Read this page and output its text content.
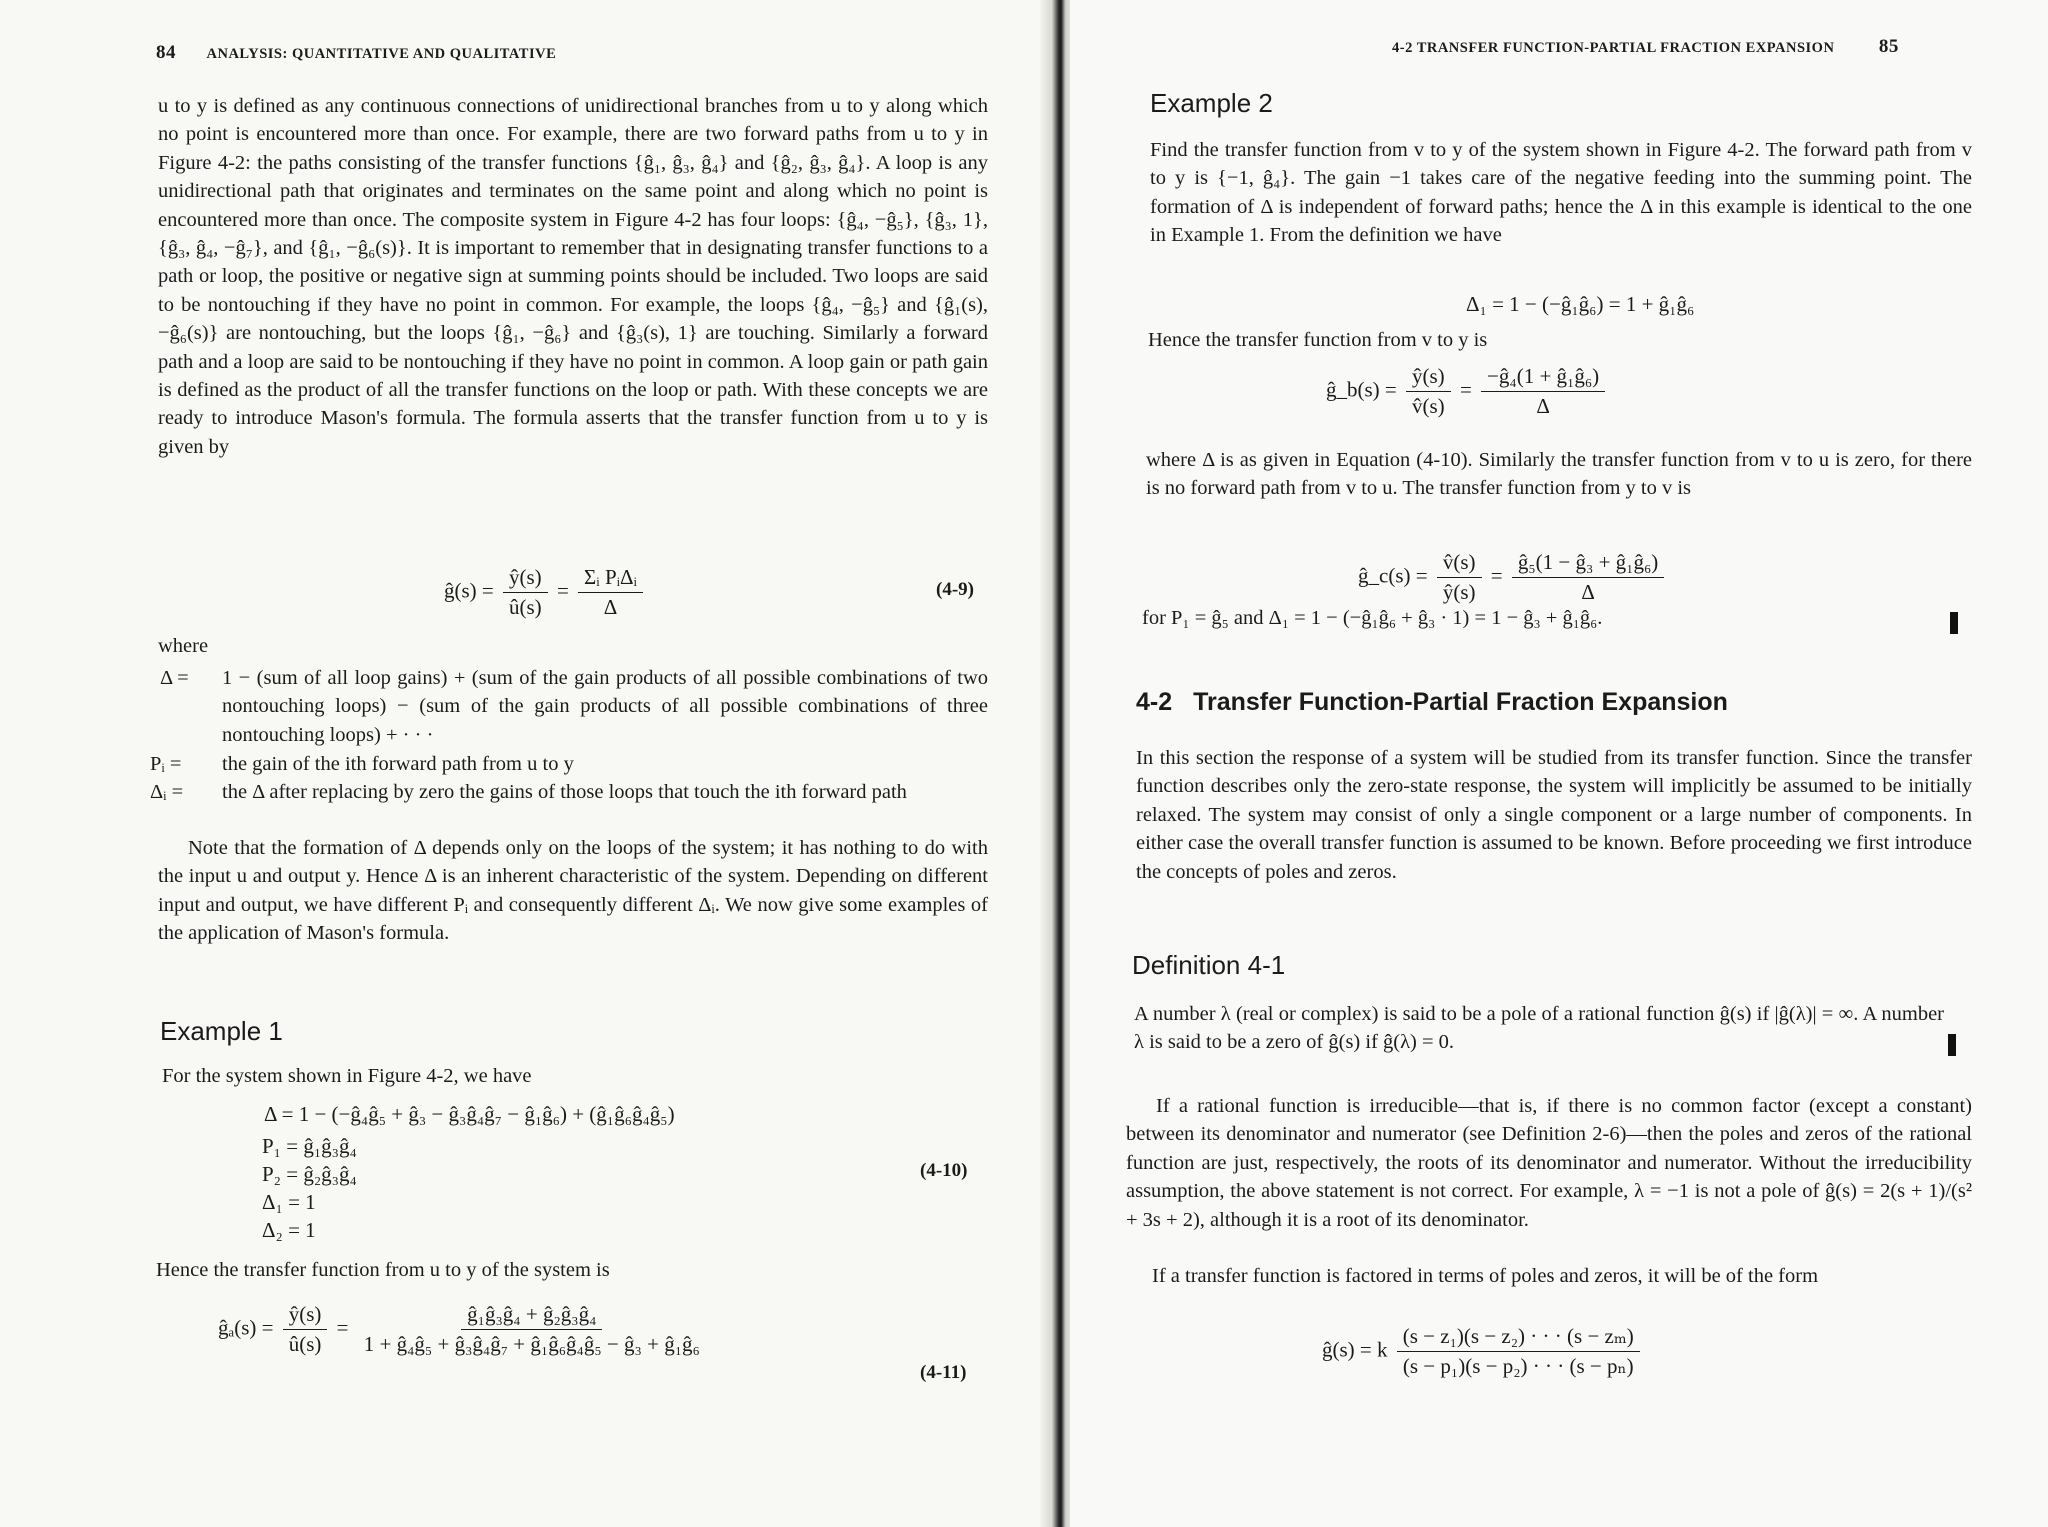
84 ANALYSIS: QUANTITATIVE AND QUALITATIVE

u to y is defined as any continuous connections of unidirectional branches from u to y along which no point is encountered more than once. For example, there are two forward paths from u to y in Figure 4-2: the paths consisting of the transfer functions {ĝ₁, ĝ₃, ĝ₄} and {ĝ₂, ĝ₃, ĝ₄}. A loop is any unidirectional path that originates and terminates on the same point and along which no point is encountered more than once. The composite system in Figure 4-2 has four loops: {ĝ₄, −ĝ₅}, {ĝ₃, 1}, {ĝ₃, ĝ₄, −ĝ₇}, and {ĝ₁, −ĝ₆(s)}. It is important to remember that in designating transfer functions to a path or loop, the positive or negative sign at summing points should be included. Two loops are said to be nontouching if they have no point in common. For example, the loops {ĝ₄, −ĝ₅} and {ĝ₁(s), −ĝ₆(s)} are nontouching, but the loops {ĝ₁, −ĝ₆} and {ĝ₃(s), 1} are touching. Similarly a forward path and a loop are said to be nontouching if they have no point in common. A loop gain or path gain is defined as the product of all the transfer functions on the loop or path. With these concepts we are ready to introduce Mason's formula. The formula asserts that the transfer function from u to y is given by

ĝ(s) = $\frac{ŷ(s)}{û(s)} = \frac{\text{Σᵢ PᵢΔᵢ}}{\Delta}$	(4-9)
where
Δ = 1 − (sum of all loop gains) + (sum of the gain products of all possible combinations of two nontouching loops) − (sum of the gain products of all possible combinations of three nontouching loops) + · · ·

Pᵢ = the gain of the ith forward path from u to y
Δᵢ = the Δ after replacing by zero the gains of those loops that touch the ith forward path

Note that the formation of Δ depends only on the loops of the system; it has nothing to do with the input u and output y. Hence Δ is an inherent characteristic of the system. Depending on different input and output, we have different Pᵢ and consequently different Δᵢ. We now give some examples of the application of Mason's formula.

Example 1
For the system shown in Figure 4-2, we have
Δ = 1 − (−ĝ₄ĝ₅ + ĝ₃ − ĝ₃ĝ₄ĝ₇ − ĝ₁ĝ₆) + (ĝ₁ĝ₆ĝ₄ĝ₅)
P₁ = ĝ₁ĝ₃ĝ₄
P₂ = ĝ₂ĝ₃ĝ₄
Δ₁ = 1
Δ₂ = 1
(4-10)
Hence the transfer function from u to y of the system is
ĝₐ(s) = $\frac{ŷ(s)}{û(s)} = \frac{\text{ĝ₁ĝ₃ĝ₄ + ĝ₂ĝ₃ĝ₄}}{\text{1 + ĝ₄ĝ₅ + ĝ₃ĝ₄ĝ₇ + ĝ₁ĝ₆ĝ₄ĝ₅ − ĝ₃ + ĝ₁ĝ₆}}$
(4-11)
4-2 TRANSFER FUNCTION-PARTIAL FRACTION EXPANSION 85
Example 2

Find the transfer function from v to y of the system shown in Figure 4-2. The forward path from v to y is {−1, ĝ₄}. The gain −1 takes care of the negative feeding into the summing point. The formation of Δ is independent of forward paths; hence the Δ in this example is identical to the one in Example 1. From the definition we have

Δ₁ = 1 − (−ĝ₁ĝ₆) = 1 + ĝ₁ĝ₆
Hence the transfer function from v to y is
ĝ_b(s) = $\frac{ŷ(s)}{v̂(s)} = \frac{\text{−ĝ₄(1 + ĝ₁ĝ₆)}}{\Delta}$

where Δ is as given in Equation (4-10). Similarly the transfer function from v to u is zero, for there is no forward path from v to u. The transfer function from y to v is

ĝ_c(s) = $\frac{v̂(s)}{ŷ(s)} = \frac{\text{ĝ₅(1 − ĝ₃ + ĝ₁ĝ₆)}}{\Delta}$
for P₁ = ĝ₅ and Δ₁ = 1 − (−ĝ₁ĝ₆ + ĝ₃ · 1) = 1 − ĝ₃ + ĝ₁ĝ₆.
4-2 Transfer Function-Partial Fraction Expansion

In this section the response of a system will be studied from its transfer function. Since the transfer function describes only the zero-state response, the system will implicitly be assumed to be initially relaxed. The system may consist of only a single component or a large number of components. In either case the overall transfer function is assumed to be known. Before proceeding we first introduce the concepts of poles and zeros.

Definition 4-1

A number λ (real or complex) is said to be a pole of a rational function ĝ(s) if |ĝ(λ)| = ∞. A number λ is said to be a zero of ĝ(s) if ĝ(λ) = 0.

If a rational function is irreducible—that is, if there is no common factor (except a constant) between its denominator and numerator (see Definition 2-6)—then the poles and zeros of the rational function are just, respectively, the roots of its denominator and numerator. Without the irreducibility assumption, the above statement is not correct. For example, λ = −1 is not a pole of ĝ(s) = 2(s + 1)/(s² + 3s + 2), although it is a root of its denominator.

If a transfer function is factored in terms of poles and zeros, it will be of the form

ĝ(s) = k $\frac{\text{(s − z₁)(s − z₂) · · · (s − zₘ)}}{\text{(s − p₁)(s − p₂) · · · (s − pₙ)}}$
